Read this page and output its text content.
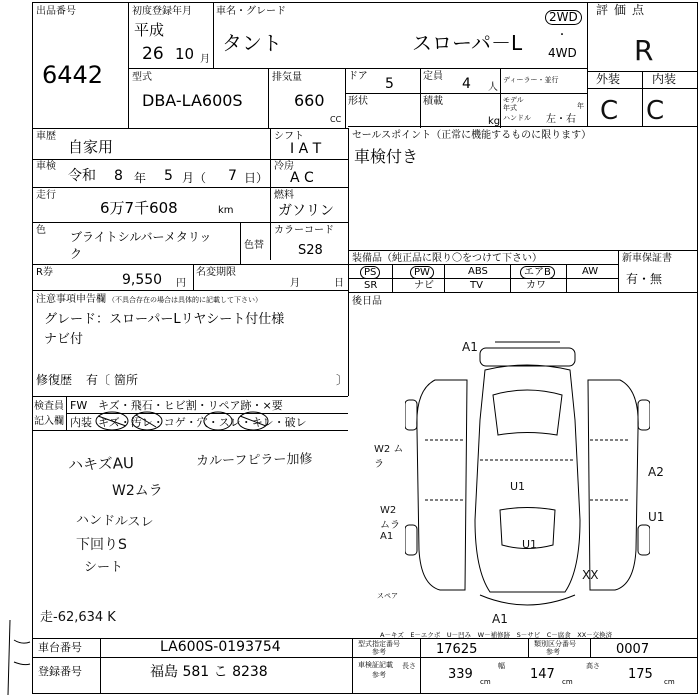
出品番号
6442
初度登録年月
平成
26 10 月
車名・グレード
タント	スローパ－L
2WD
・
4WD
評価点
R
外装	内装
C C
型式
DBA-LA600S
排気量
660
CC
ドア 5	定員 4 人
形状	積載
kg
ディーラー・並行
モデル年式	年
ハンドル 左・右
車歴
自家用
シフト
I A T
車検
令和 8 年 5 月（ 7 日）
冷房
A C
走行
6万7千608	km
燃料
ガソリン
色 ブライトシルバーメタリッ
ク
色替
カラーコード
S28
R券	9,550 円
名変期限
月	日
注意事項申告欄 （不具合存在の場合は具体的に記載して下さい）
グレード：スローパーLリヤシート付仕様
ナビ付
修復歴 有〔 箇所	〕
セールスポイント（正常に機能するものに限ります）
車検付き
装備品（純正品に限り〇をつけて下さい）
PS	PW	ABS	エアB	AW
SR	ナビ	TV	カワ
新車保証書
有・無
後日品
検査員
記入欄
FW キズ・飛石・ヒビ割・リペア跡・×要
内装 キズ・汚レ・コゲ・穴・スレ・キレ・破レ
ハキズAU	カルーフピラー加修
W2ムラ
ハンドルスレ
下回りS
シート
走-62,634 K
スペア
A1
W2 ムラ
A2
U1
W2 ムラ A1
U1
XX
U1
A1
A－キズ　E－エクボ　U－凹み　W－補修跡　S－サビ　C－腐食　XX－交換済
車台番号	LA600S-0193754
登録番号	福島 581 こ 8238
型式指定番号
参考	17625	類別区分番号
参考	0007
車検証記載
参考
長さ
339 cm
幅
147 cm
高さ
175 cm
